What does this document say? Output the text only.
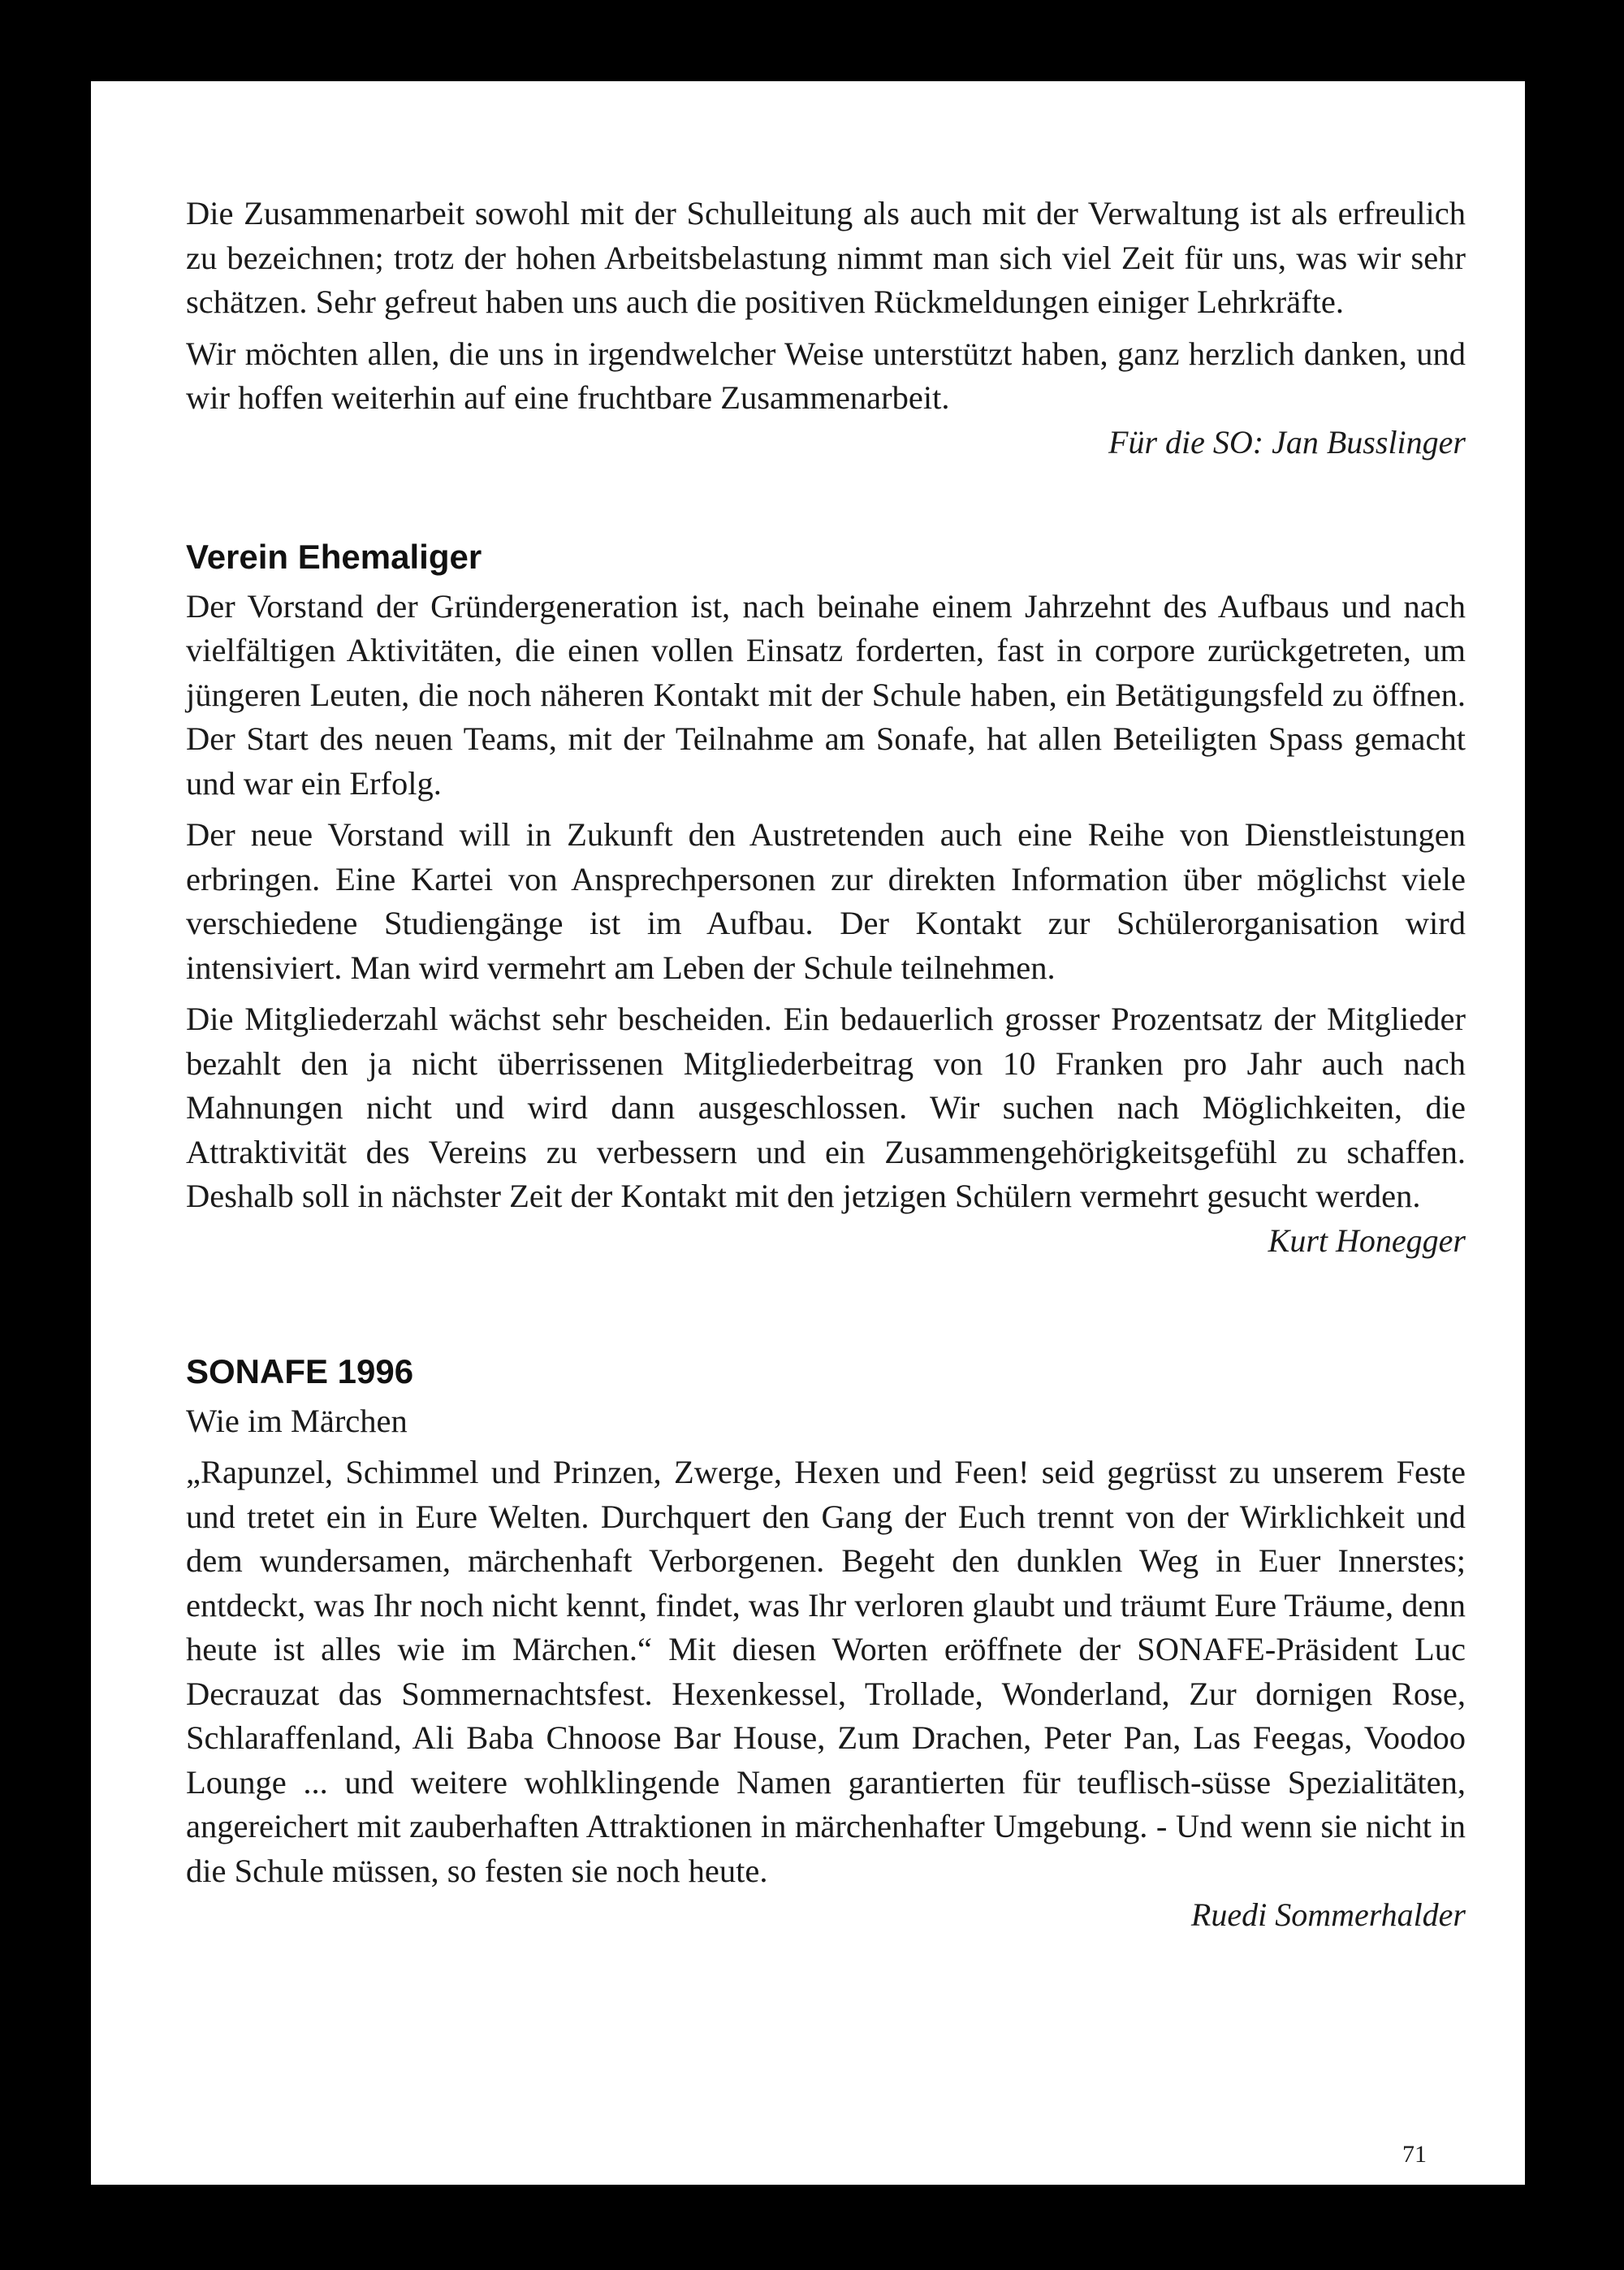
Die Zusammenarbeit sowohl mit der Schulleitung als auch mit der Verwaltung ist als erfreulich zu bezeichnen; trotz der hohen Arbeitsbelastung nimmt man sich viel Zeit für uns, was wir sehr schätzen. Sehr gefreut haben uns auch die positiven Rückmeldungen einiger Lehrkräfte.

Wir möchten allen, die uns in irgendwelcher Weise unterstützt haben, ganz herzlich danken, und wir hoffen weiterhin auf eine fruchtbare Zusammenarbeit.

Für die SO: Jan Busslinger
Verein Ehemaliger

Der Vorstand der Gründergeneration ist, nach beinahe einem Jahrzehnt des Aufbaus und nach vielfältigen Aktivitäten, die einen vollen Einsatz forderten, fast in corpore zurückgetreten, um jüngeren Leuten, die noch näheren Kontakt mit der Schule haben, ein Betätigungsfeld zu öffnen. Der Start des neuen Teams, mit der Teilnahme am Sonafe, hat allen Beteiligten Spass gemacht und war ein Erfolg.

Der neue Vorstand will in Zukunft den Austretenden auch eine Reihe von Dienstleistungen erbringen. Eine Kartei von Ansprechpersonen zur direkten Information über möglichst viele verschiedene Studiengänge ist im Aufbau. Der Kontakt zur Schülerorganisation wird intensiviert. Man wird vermehrt am Leben der Schule teilnehmen.

Die Mitgliederzahl wächst sehr bescheiden. Ein bedauerlich grosser Prozentsatz der Mitglieder bezahlt den ja nicht überrissenen Mitgliederbeitrag von 10 Franken pro Jahr auch nach Mahnungen nicht und wird dann ausgeschlossen. Wir suchen nach Möglichkeiten, die Attraktivität des Vereins zu verbessern und ein Zusammengehörigkeitsgefühl zu schaffen. Deshalb soll in nächster Zeit der Kontakt mit den jetzigen Schülern vermehrt gesucht werden.

Kurt Honegger
SONAFE 1996

Wie im Märchen

„Rapunzel, Schimmel und Prinzen, Zwerge, Hexen und Feen! seid gegrüsst zu unserem Feste und tretet ein in Eure Welten. Durchquert den Gang der Euch trennt von der Wirklichkeit und dem wundersamen, märchenhaft Verborgenen. Begeht den dunklen Weg in Euer Innerstes; entdeckt, was Ihr noch nicht kennt, findet, was Ihr verloren glaubt und träumt Eure Träume, denn heute ist alles wie im Märchen.“ Mit diesen Worten eröffnete der SONAFE-Präsident Luc Decrauzat das Sommernachtsfest. Hexenkessel, Trollade, Wonderland, Zur dornigen Rose, Schlaraffenland, Ali Baba Chnoose Bar House, Zum Drachen, Peter Pan, Las Feegas, Voodoo Lounge ... und weitere wohlklingende Namen garantierten für teuflisch-süsse Spezialitäten, angereichert mit zauberhaften Attraktionen in märchenhafter Umgebung. - Und wenn sie nicht in die Schule müssen, so festen sie noch heute.

Ruedi Sommerhalder
71
